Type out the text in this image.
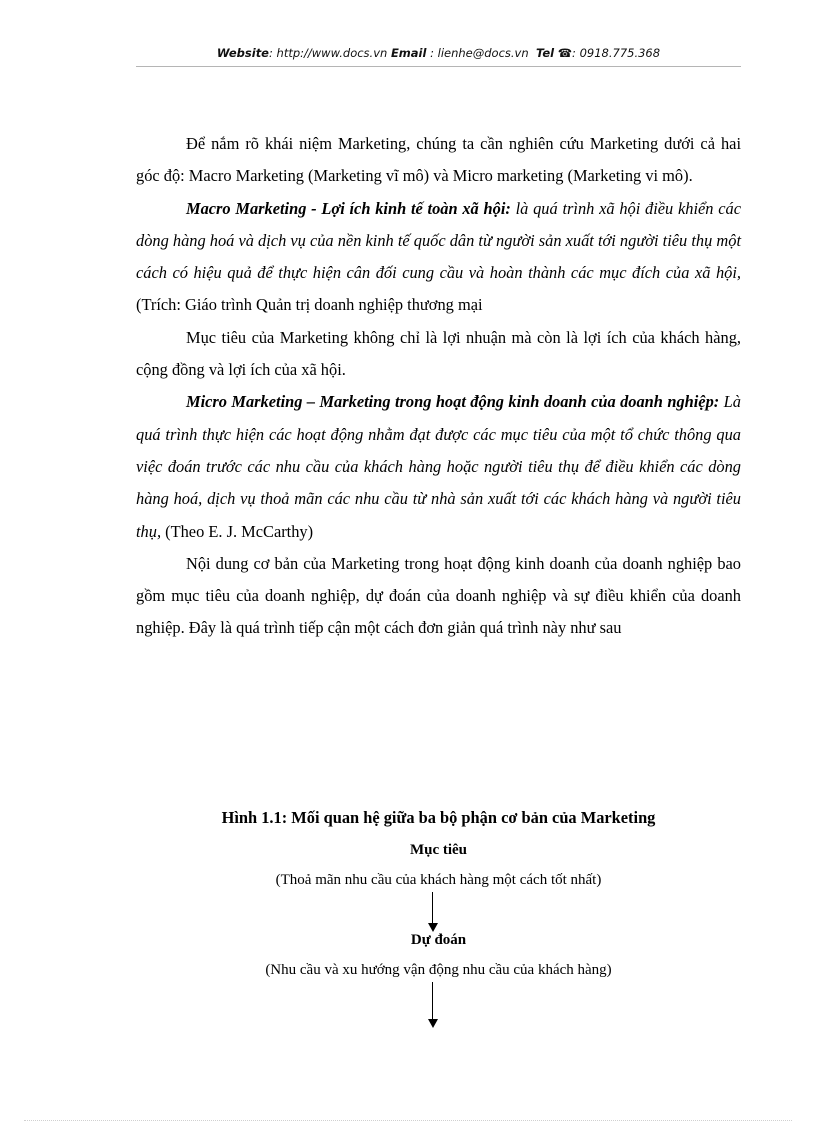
Website: http://www.docs.vn Email : lienhe@docs.vn Tel ☎: 0918.775.368

Để nắm rõ khái niệm Marketing, chúng ta cần nghiên cứu Marketing dưới cả hai góc độ: Macro Marketing (Marketing vĩ mô) và Micro marketing (Marketing vi mô).

Macro Marketing - Lợi ích kinh tế toàn xã hội: là quá trình xã hội điều khiển các dòng hàng hoá và dịch vụ của nền kinh tế quốc dân từ người sản xuất tới người tiêu thụ một cách có hiệu quả để thực hiện cân đối cung cầu và hoàn thành các mục đích của xã hội, (Trích: Giáo trình Quản trị doanh nghiệp thương mại

Mục tiêu của Marketing không chỉ là lợi nhuận mà còn là lợi ích của khách hàng, cộng đồng và lợi ích của xã hội.

Micro Marketing – Marketing trong hoạt động kinh doanh của doanh nghiệp: Là quá trình thực hiện các hoạt động nhằm đạt được các mục tiêu của một tổ chức thông qua việc đoán trước các nhu cầu của khách hàng hoặc người tiêu thụ để điều khiển các dòng hàng hoá, dịch vụ thoả mãn các nhu cầu từ nhà sản xuất tới các khách hàng và người tiêu thụ, (Theo E. J. McCarthy)

Nội dung cơ bản của Marketing trong hoạt động kinh doanh của doanh nghiệp bao gồm mục tiêu của doanh nghiệp, dự đoán của doanh nghiệp và sự điều khiển của doanh nghiệp. Đây là quá trình tiếp cận một cách đơn giản quá trình này như sau

Hình 1.1: Mối quan hệ giữa ba bộ phận cơ bản của Marketing
Mục tiêu
(Thoả mãn nhu cầu của khách hàng một cách tốt nhất)
Dự đoán
(Nhu cầu và xu hướng vận động nhu cầu của khách hàng)
